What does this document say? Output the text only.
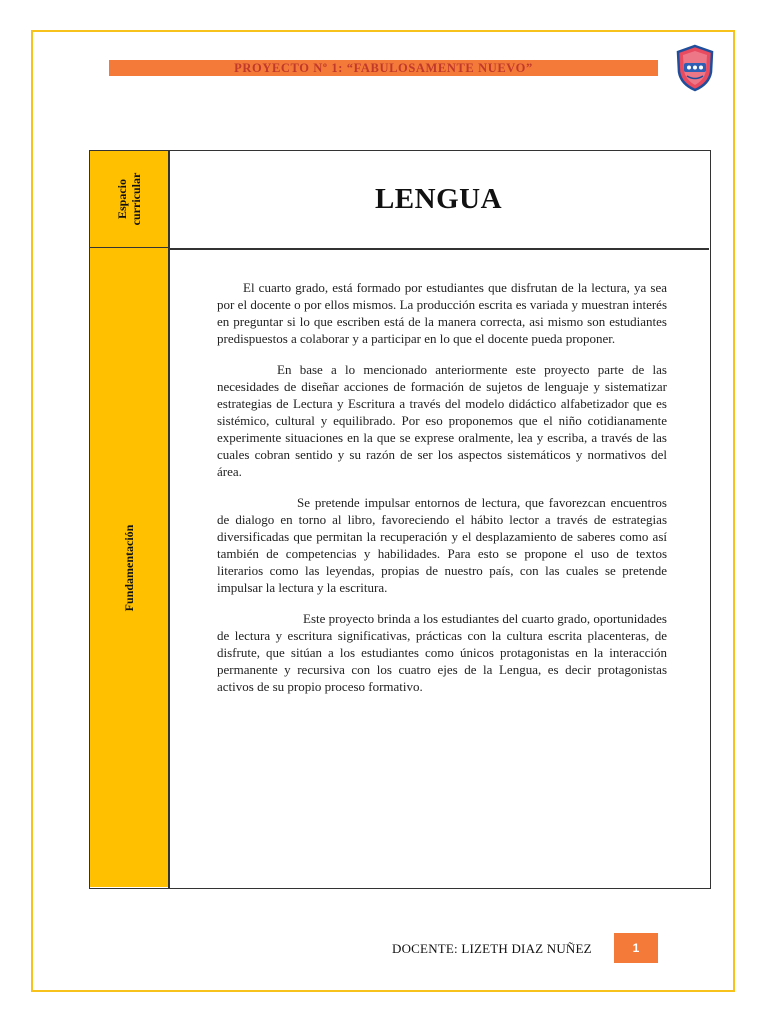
PROYECTO Nº 1: “FABULOSAMENTE NUEVO”
Espacio curricular
Fundamentación
LENGUA

El cuarto grado, está formado por estudiantes que disfrutan de la lectura, ya sea por el docente o por ellos mismos. La producción escrita es variada y muestran interés en preguntar si lo que escriben está de la manera correcta, asi mismo son estudiantes predispuestos a colaborar y a participar en lo que el docente pueda proponer.

En base a lo mencionado anteriormente este proyecto parte de las necesidades de diseñar acciones de formación de sujetos de lenguaje y sistematizar estrategias de Lectura y Escritura a través del modelo didáctico alfabetizador que es sistémico, cultural y equilibrado. Por eso proponemos que el niño cotidianamente experimente situaciones en la que se exprese oralmente, lea y escriba, a través de las cuales cobran sentido y su razón de ser los aspectos sistemáticos y normativos del área.

Se pretende impulsar entornos de lectura, que favorezcan encuentros de dialogo en torno al libro, favoreciendo el hábito lector a través de estrategias diversificadas que permitan la recuperación y el desplazamiento de saberes como así también de competencias y habilidades. Para esto se propone el uso de textos literarios como las leyendas, propias de nuestro país, con las cuales se pretende impulsar la lectura y la escritura.

Este proyecto brinda a los estudiantes del cuarto grado, oportunidades de lectura y escritura significativas, prácticas con la cultura escrita placenteras, de disfrute, que sitúan a los estudiantes como únicos protagonistas en la interacción permanente y recursiva con los cuatro ejes de la Lengua, es decir protagonistas activos de su propio proceso formativo.

DOCENTE: LIZETH DIAZ NUÑEZ	1
